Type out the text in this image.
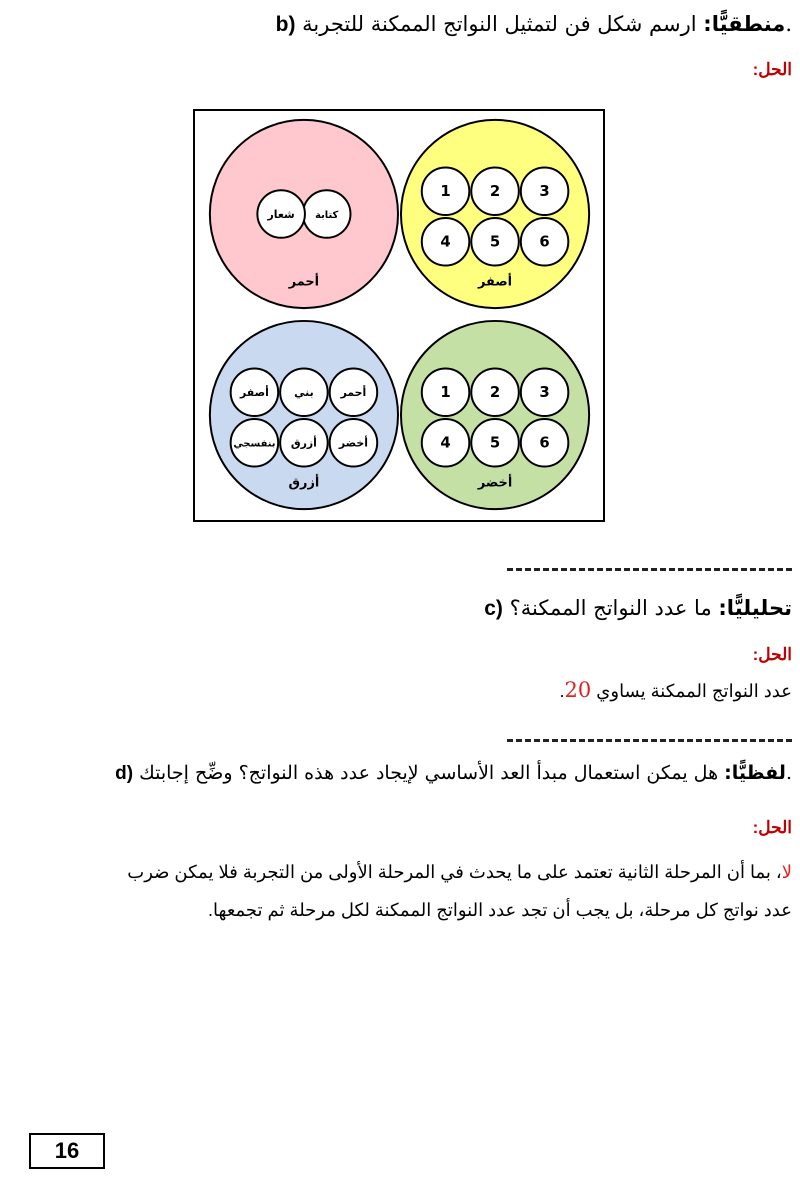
b)	منطقيًّا: ارسم شكل فن لتمثيل النواتج الممكنة للتجربة.
الحل:
أحمر
كتابة
شعار
أصفر
1	2	3
4	5	6
أزرق
أحمر
بني
أصفر
أخضر
أزرق
بنفسجي
أخضر
1	2	3
4	5	6
c)	تحليليًّا: ما عدد النواتج الممكنة؟
الحل:
عدد النواتج الممكنة يساوي 20.
d)	لفظيًّا: هل يمكن استعمال مبدأ العد الأساسي لإيجاد عدد هذه النواتج؟ وضِّح إجابتك.
الحل:
لا، بما أن المرحلة الثانية تعتمد على ما يحدث في المرحلة الأولى من التجربة فلا يمكن ضرب
عدد نواتج كل مرحلة، بل يجب أن تجد عدد النواتج الممكنة لكل مرحلة ثم تجمعها.
16
